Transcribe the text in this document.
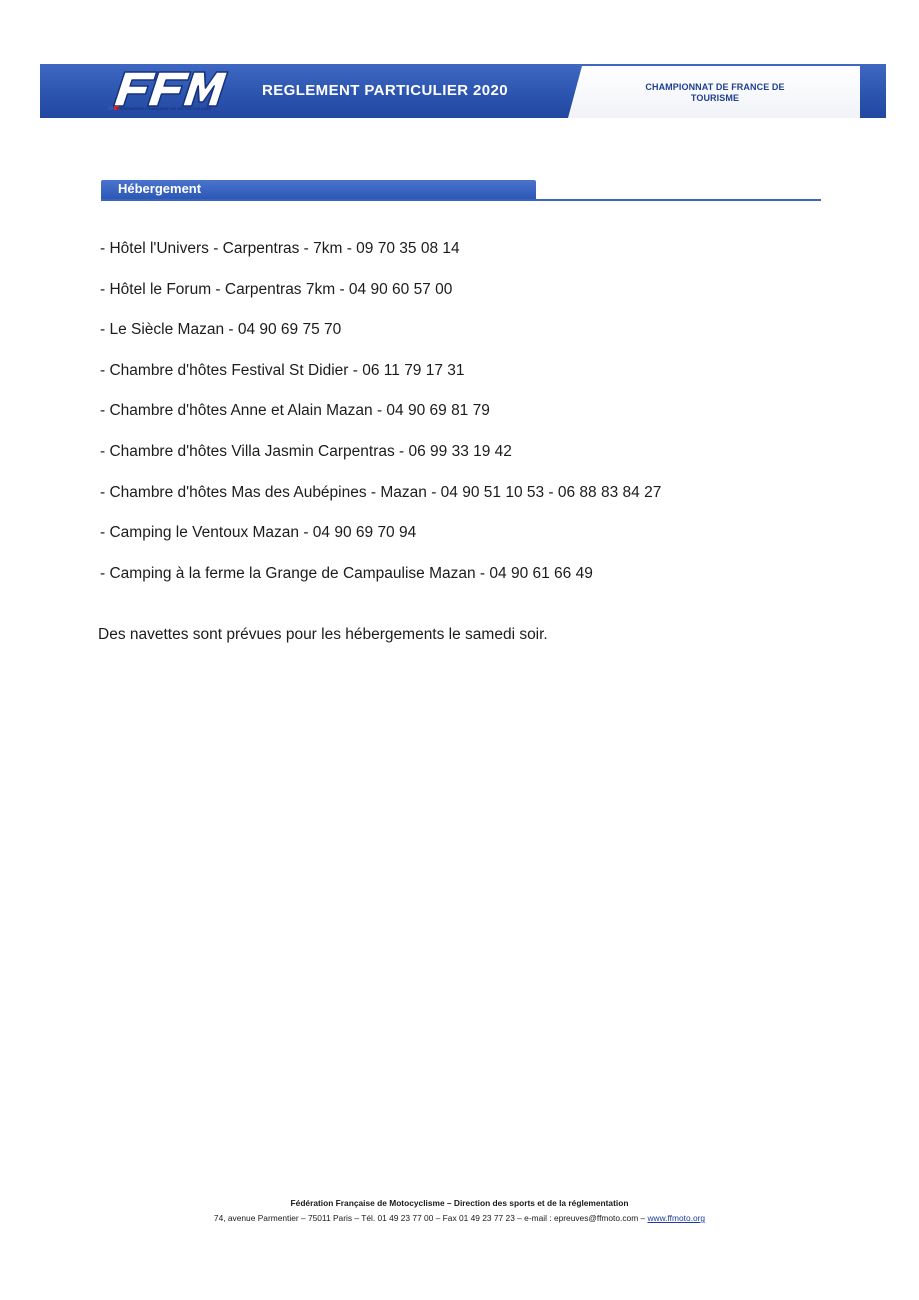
CHAMPIONNAT DE FRANCE DE
TOURISME
FÉDÉRATION FRANÇAISE DE MOTOCYCLISME
REGLEMENT PARTICULIER 2020
Hébergement
- Hôtel l'Univers - Carpentras - 7km - 09 70 35 08 14
- Hôtel le Forum - Carpentras 7km - 04 90 60 57 00
- Le Siècle Mazan - 04 90 69 75 70
- Chambre d'hôtes Festival St Didier - 06 11 79 17 31
- Chambre d'hôtes Anne et Alain Mazan - 04 90 69 81 79
- Chambre d'hôtes Villa Jasmin Carpentras - 06 99 33 19 42
- Chambre d'hôtes Mas des Aubépines - Mazan - 04 90 51 10 53 - 06 88 83 84 27
- Camping le Ventoux Mazan - 04 90 69 70 94
- Camping à la ferme la Grange de Campaulise Mazan - 04 90 61 66 49
Des navettes sont prévues pour les hébergements le samedi soir.
Fédération Française de Motocyclisme – Direction des sports et de la réglementation
74, avenue Parmentier – 75011 Paris – Tél. 01 49 23 77 00 – Fax 01 49 23 77 23 – e-mail : epreuves@ffmoto.com – www.ffmoto.org
